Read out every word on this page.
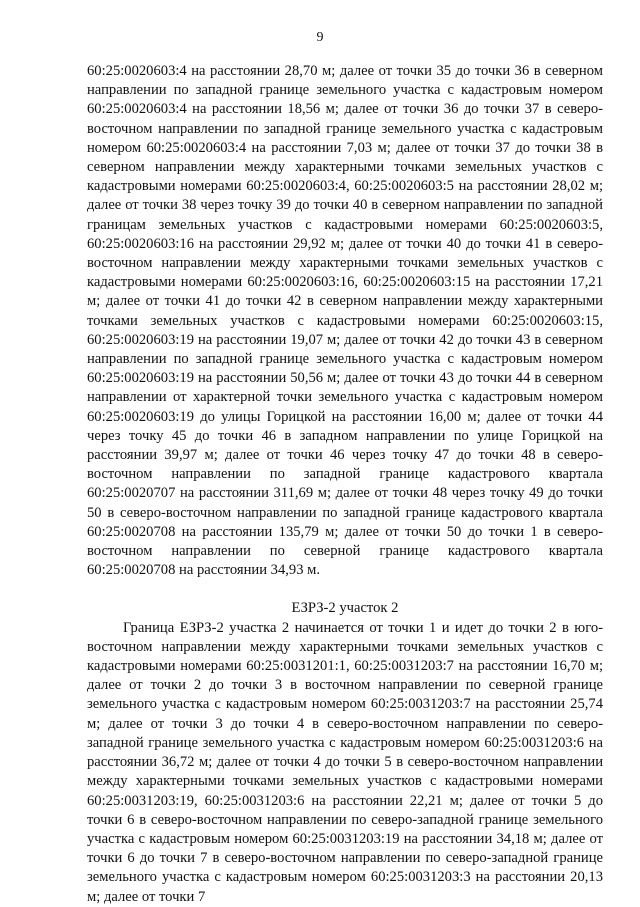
9

60:25:0020603:4 на расстоянии 28,70 м; далее от точки 35 до точки 36 в северном направлении по западной границе земельного участка с кадастровым номером 60:25:0020603:4 на расстоянии 18,56 м; далее от точки 36 до точки 37 в северо-восточном направлении по западной границе земельного участка с кадастровым номером 60:25:0020603:4 на расстоянии 7,03 м; далее от точки 37 до точки 38 в северном направлении между характерными точками земельных участков с кадастровыми номерами 60:25:0020603:4, 60:25:0020603:5 на расстоянии 28,02 м; далее от точки 38 через точку 39 до точки 40 в северном направлении по западной границам земельных участков с кадастровыми номерами 60:25:0020603:5, 60:25:0020603:16 на расстоянии 29,92 м; далее от точки 40 до точки 41 в северо-восточном направлении между характерными точками земельных участков с кадастровыми номерами 60:25:0020603:16, 60:25:0020603:15 на расстоянии 17,21 м; далее от точки 41 до точки 42 в северном направлении между характерными точками земельных участков с кадастровыми номерами 60:25:0020603:15, 60:25:0020603:19 на расстоянии 19,07 м; далее от точки 42 до точки 43 в северном направлении по западной границе земельного участка с кадастровым номером 60:25:0020603:19 на расстоянии 50,56 м; далее от точки 43 до точки 44 в северном направлении от характерной точки земельного участка с кадастровым номером 60:25:0020603:19 до улицы Горицкой на расстоянии 16,00 м; далее от точки 44 через точку 45 до точки 46 в западном направлении по улице Горицкой на расстоянии 39,97 м; далее от точки 46 через точку 47 до точки 48 в северо-восточном направлении по западной границе кадастрового квартала 60:25:0020707 на расстоянии 311,69 м; далее от точки 48 через точку 49 до точки 50 в северо-восточном направлении по западной границе кадастрового квартала 60:25:0020708 на расстоянии 135,79 м; далее от точки 50 до точки 1 в северо-восточном направлении по северной границе кадастрового квартала 60:25:0020708 на расстоянии 34,93 м.

ЕЗРЗ-2 участок 2

Граница ЕЗРЗ-2 участка 2 начинается от точки 1 и идет до точки 2 в юго-восточном направлении между характерными точками земельных участков с кадастровыми номерами 60:25:0031201:1, 60:25:0031203:7 на расстоянии 16,70 м; далее от точки 2 до точки 3 в восточном направлении по северной границе земельного участка с кадастровым номером 60:25:0031203:7 на расстоянии 25,74 м; далее от точки 3 до точки 4 в северо-восточном направлении по северо-западной границе земельного участка с кадастровым номером 60:25:0031203:6 на расстоянии 36,72 м; далее от точки 4 до точки 5 в северо-восточном направлении между характерными точками земельных участков с кадастровыми номерами 60:25:0031203:19, 60:25:0031203:6 на расстоянии 22,21 м; далее от точки 5 до точки 6 в северо-восточном направлении по северо-западной границе земельного участка с кадастровым номером 60:25:0031203:19 на расстоянии 34,18 м; далее от точки 6 до точки 7 в северо-восточном направлении по северо-западной границе земельного участка с кадастровым номером 60:25:0031203:3 на расстоянии 20,13 м; далее от точки 7
